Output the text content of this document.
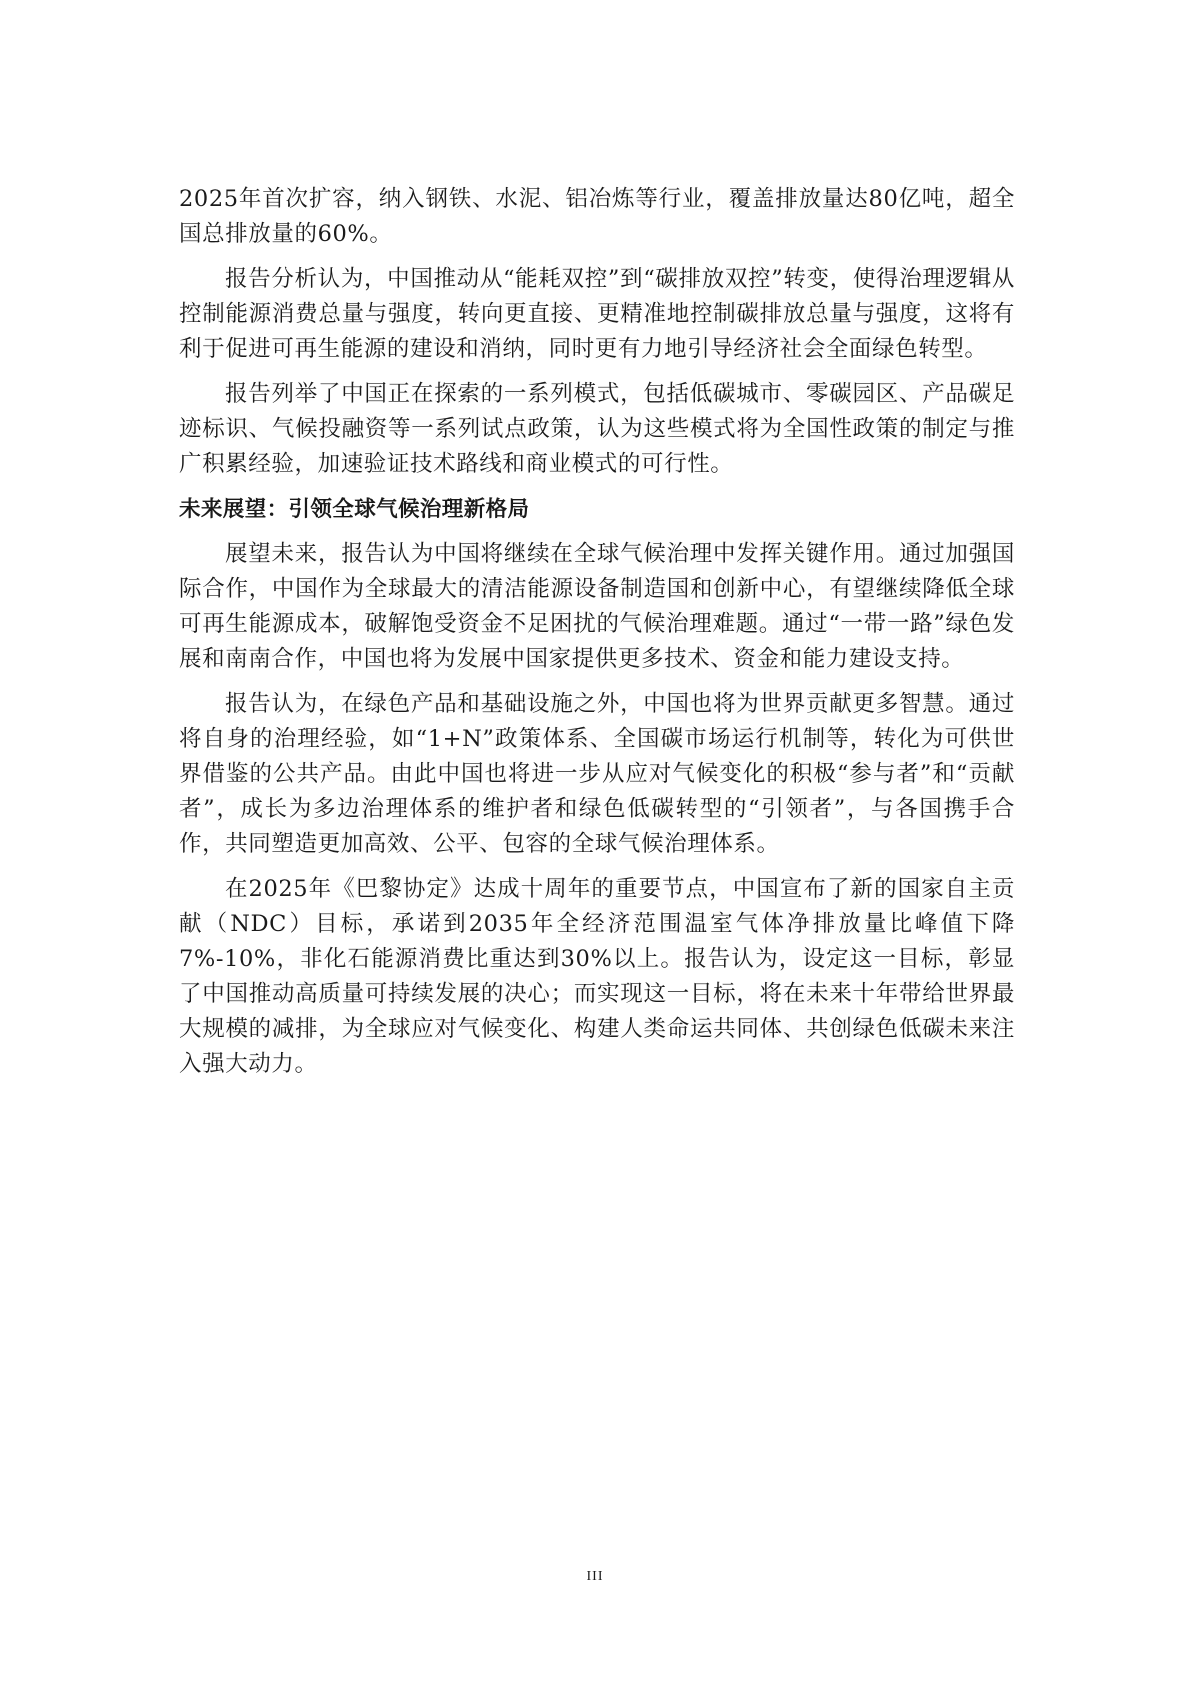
2025年首次扩容，纳入钢铁、水泥、铝冶炼等行业，覆盖排放量达80亿吨，超全国总排放量的60%。

报告分析认为，中国推动从“能耗双控”到“碳排放双控”转变，使得治理逻辑从控制能源消费总量与强度，转向更直接、更精准地控制碳排放总量与强度，这将有利于促进可再生能源的建设和消纳，同时更有力地引导经济社会全面绿色转型。

报告列举了中国正在探索的一系列模式，包括低碳城市、零碳园区、产品碳足迹标识、气候投融资等一系列试点政策，认为这些模式将为全国性政策的制定与推广积累经验，加速验证技术路线和商业模式的可行性。

未来展望：引领全球气候治理新格局

展望未来，报告认为中国将继续在全球气候治理中发挥关键作用。通过加强国际合作，中国作为全球最大的清洁能源设备制造国和创新中心，有望继续降低全球可再生能源成本，破解饱受资金不足困扰的气候治理难题。通过“一带一路”绿色发展和南南合作，中国也将为发展中国家提供更多技术、资金和能力建设支持。

报告认为，在绿色产品和基础设施之外，中国也将为世界贡献更多智慧。通过将自身的治理经验，如“1+N”政策体系、全国碳市场运行机制等，转化为可供世界借鉴的公共产品。由此中国也将进一步从应对气候变化的积极“参与者”和“贡献者”，成长为多边治理体系的维护者和绿色低碳转型的“引领者”，与各国携手合作，共同塑造更加高效、公平、包容的全球气候治理体系。

在2025年《巴黎协定》达成十周年的重要节点，中国宣布了新的国家自主贡献（NDC）目标，承诺到2035年全经济范围温室气体净排放量比峰值下降7%-10%，非化石能源消费比重达到30%以上。报告认为，设定这一目标，彰显了中国推动高质量可持续发展的决心；而实现这一目标，将在未来十年带给世界最大规模的减排，为全球应对气候变化、构建人类命运共同体、共创绿色低碳未来注入强大动力。

III
